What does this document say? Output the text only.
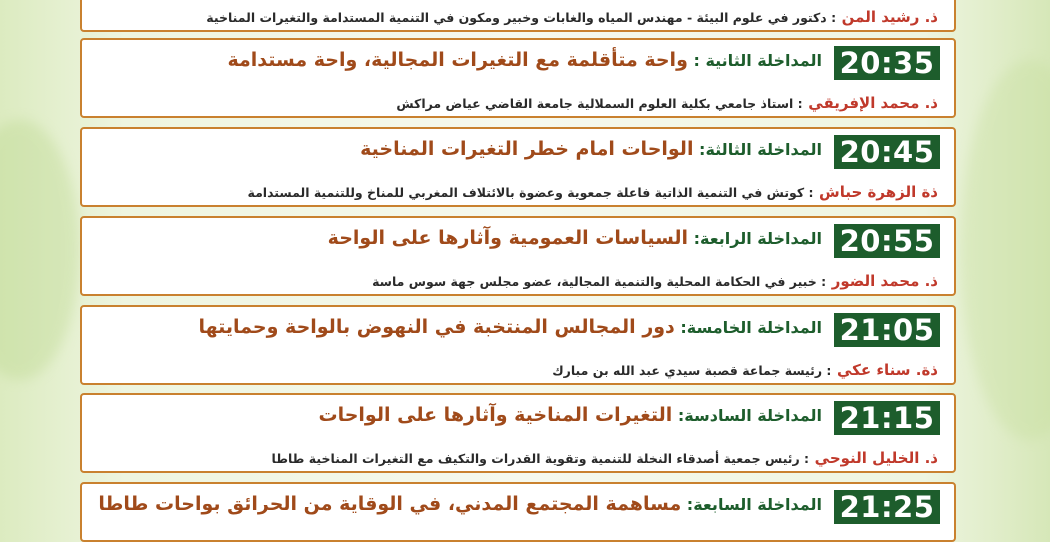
ذ. رشيد المن : دكتور في علوم البيئة - مهندس المياه والغابات وخبير ومكون في التنمية المستدامة والتغيرات المناخية
20:35
المداخلة الثانية : واحة متأقلمة مع التغيرات المجالية، واحة مستدامة
ذ. محمد الإفريقي : استاذ جامعي بكلية العلوم السملالية جامعة القاضي عياض مراكش
20:45
المداخلة الثالثة: الواحات امام خطر التغيرات المناخية
ذة الزهرة حباش : كوتش في التنمية الذاتية فاعلة جمعوية وعضوة بالائتلاف المغربي للمناخ وللتنمية المستدامة
20:55
المداخلة الرابعة: السياسات العمومية وآثارها على الواحة
ذ. محمد الضور : خبير في الحكامة المحلية والتنمية المجالية، عضو مجلس جهة سوس ماسة
21:05
المداخلة الخامسة: دور المجالس المنتخبة في النهوض بالواحة وحمايتها
ذة. سناء عكي : رئيسة جماعة قصبة سيدي عبد الله بن مبارك
21:15
المداخلة السادسة: التغيرات المناخية وآثارها على الواحات
ذ. الخليل النوحي : رئيس جمعية أصدقاء النخلة للتنمية وتقوية القدرات والتكيف مع التغيرات المناخية طاطا
21:25
المداخلة السابعة: مساهمة المجتمع المدني، في الوقاية من الحرائق بواحات طاطا
